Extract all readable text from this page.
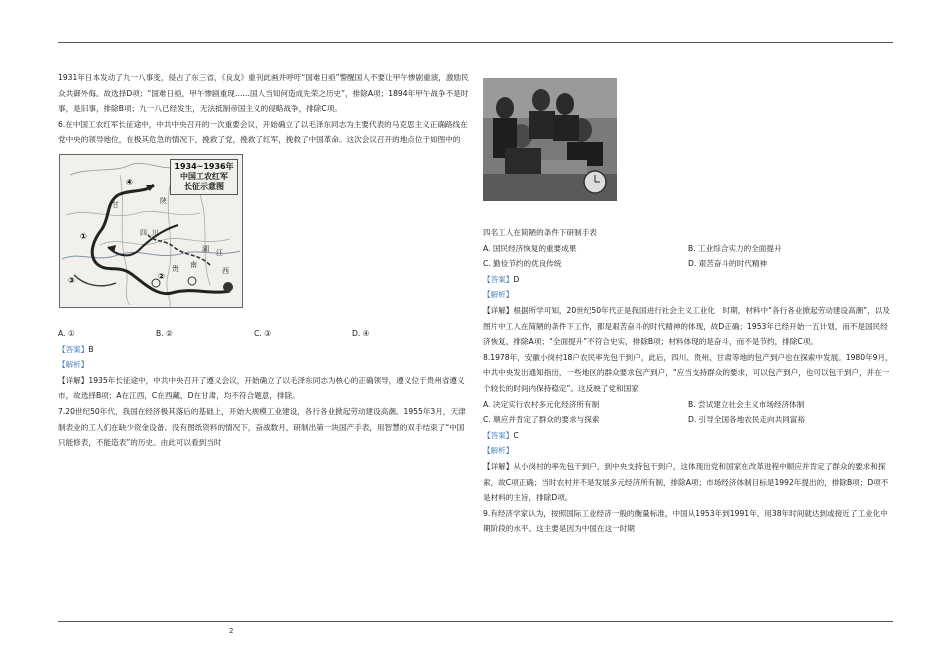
1931年日本发动了九一八事变，侵占了东三省，《良友》重刊此画并呼吁“国难日亟”警醒国人不要让甲午惨剧重演，激励民众共御外侮。故选择D项；“国难日亟，甲午惨剧重现……国人当知何造成先荣之历史”，排除A项；1894年甲午战争不是时事，是旧事，排除B项；九一八已经发生，无法抵制帝国主义的侵略战争，排除C项。

6.在中国工农红军长征途中，中共中央召开的一次重要会议，开始确立了以毛泽东同志为主要代表的马克思主义正确路线在党中央的领导地位，在极其危急的情况下，挽救了党，挽救了红军，挽救了中国革命。这次会议召开的地点位于如图中的

甘	陕
四 川
贵
湖
南
江
西
①
②
③
④
1934~1936年
中国工农红军
长征示意图
A. ①	B. ②	C. ③	D. ④

【答案】B

【解析】

【详解】1935年长征途中，中共中央召开了遵义会议，开始确立了以毛泽东同志为核心的正确领导，遵义位于贵州省遵义市，故选择B项；A在江西，C在西藏，D在甘肃，均不符合题意，排除。

7.20世纪50年代，我国在经济极其落后的基础上，开始大规模工业建设，各行各业掀起劳动建设高潮。1955年3月，天津制表业的工人们在缺少资金设备、没有图纸资料的情况下，奋战数月，研制出第一块国产手表，用智慧的双手结束了“中国只能修表，不能造表”的历史。由此可以看到当时

四名工人在简陋的条件下研制手表

A. 国民经济恢复的重要成果	B. 工业综合实力的全面提升
C. 勤俭节约的优良传统	D. 艰苦奋斗的时代精神

【答案】D

【解析】

【详解】根据所学可知，20世纪50年代正是我国进行社会主义工业化　时期，材料中“各行各业掀起劳动建设高潮”，以及图片中工人在简陋的条件下工作，都是艰苦奋斗的时代精神的体现，故D正确；1953年已经开始一五计划，而不是国民经济恢复，排除A项；“全面提升”不符合史实，排除B项；材料体现的是奋斗，而不是节约，排除C项。

8.1978年，安徽小岗村18户农民率先包干到户，此后，四川、贵州、甘肃等地的包产到户也在探索中发展。1980年9月，中共中央发出通知指出，一些地区的群众要求包产到户，“应当支持群众的要求，可以包产到户，也可以包干到户，并在一个较长的时间内保持稳定”。这反映了党和国家

A. 决定实行农村多元化经济所有制	B. 尝试建立社会主义市场经济体制
C. 顺应并肯定了群众的要求与探索	D. 引导全国各地农民走向共同富裕

【答案】C

【解析】

【详解】从小岗村的率先包干到户，到中央支持包干到户，这体现出党和国家在改革进程中顺应并肯定了群众的要求和探索，故C项正确；当时农村并不是发展多元经济所有制，排除A项；市场经济体制目标是1992年提出的，排除B项；D项不是材料的主旨，排除D项。

9.有经济学家认为，按照国际工业经济一般的衡量标准，中国从1953年到1991年，用38年时间就达到或接近了工业化中期阶段的水平。这主要是因为中国在这一时期

2
